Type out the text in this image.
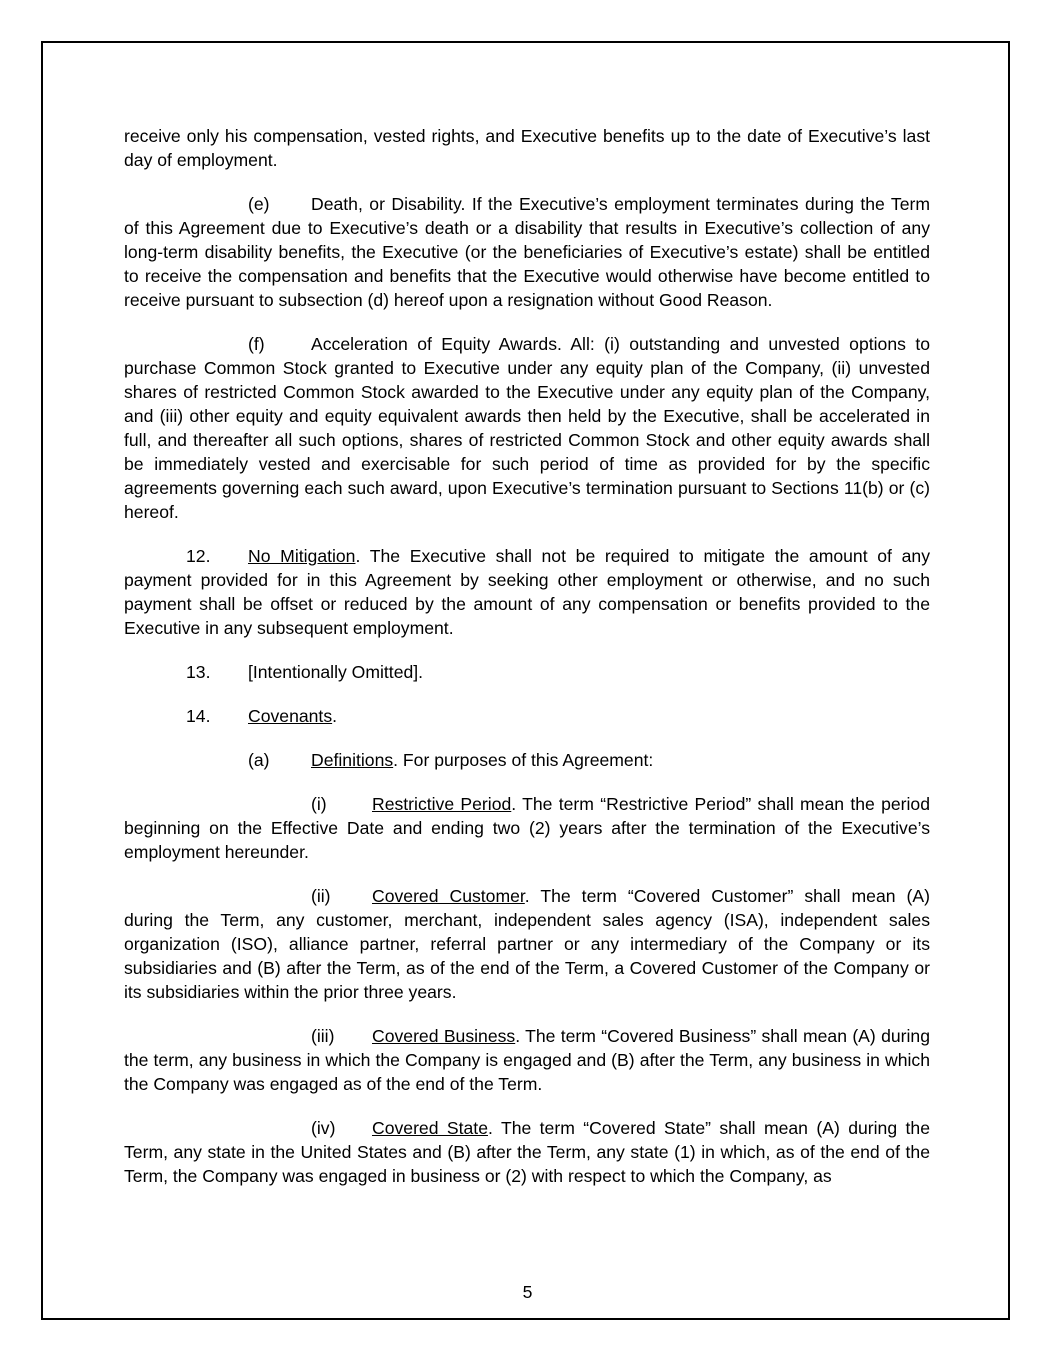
receive only his compensation, vested rights, and Executive benefits up to the date of Executive’s last day of employment.

(e) Death, or Disability. If the Executive’s employment terminates during the Term of this Agreement due to Executive’s death or a disability that results in Executive’s collection of any long-term disability benefits, the Executive (or the beneficiaries of Executive’s estate) shall be entitled to receive the compensation and benefits that the Executive would otherwise have become entitled to receive pursuant to subsection (d) hereof upon a resignation without Good Reason.
(f)	Acceleration of Equity Awards. All: (i) outstanding and unvested options to purchase Common Stock granted to Executive under any equity plan of the Company, (ii) unvested shares of restricted Common Stock awarded to the Executive under any equity plan of the Company, and (iii) other equity and equity equivalent awards then held by the Executive, shall be accelerated in full, and thereafter all such options, shares of restricted Common Stock and other equity awards shall be immediately vested and exercisable for such period of time as provided for by the specific agreements governing each such award, upon Executive’s termination pursuant to Sections 11(b) or (c) hereof.
12. No Mitigation. The Executive shall not be required to mitigate the amount of any payment provided for in this Agreement by seeking other employment or otherwise, and no such payment shall be offset or reduced by the amount of any compensation or benefits provided to the Executive in any subsequent employment.
13. [Intentionally Omitted].
14. Covenants.
(a) Definitions. For purposes of this Agreement:
(i)	Restrictive Period. The term “Restrictive Period” shall mean the period beginning on the Effective Date and ending two (2) years after the termination of the Executive’s employment hereunder.
(ii) Covered Customer. The term “Covered Customer” shall mean (A) during the Term, any customer, merchant, independent sales agency (ISA), independent sales organization (ISO), alliance partner, referral partner or any intermediary of the Company or its subsidiaries and (B) after the Term, as of the end of the Term, a Covered Customer of the Company or its subsidiaries within the prior three years.
(iii) Covered Business. The term “Covered Business” shall mean (A) during the term, any business in which the Company is engaged and (B) after the Term, any business in which the Company was engaged as of the end of the Term.
(iv) Covered State. The term “Covered State” shall mean (A) during the Term, any state in the United States and (B) after the Term, any state (1) in which, as of the end of the Term, the Company was engaged in business or (2) with respect to which the Company, as
5
